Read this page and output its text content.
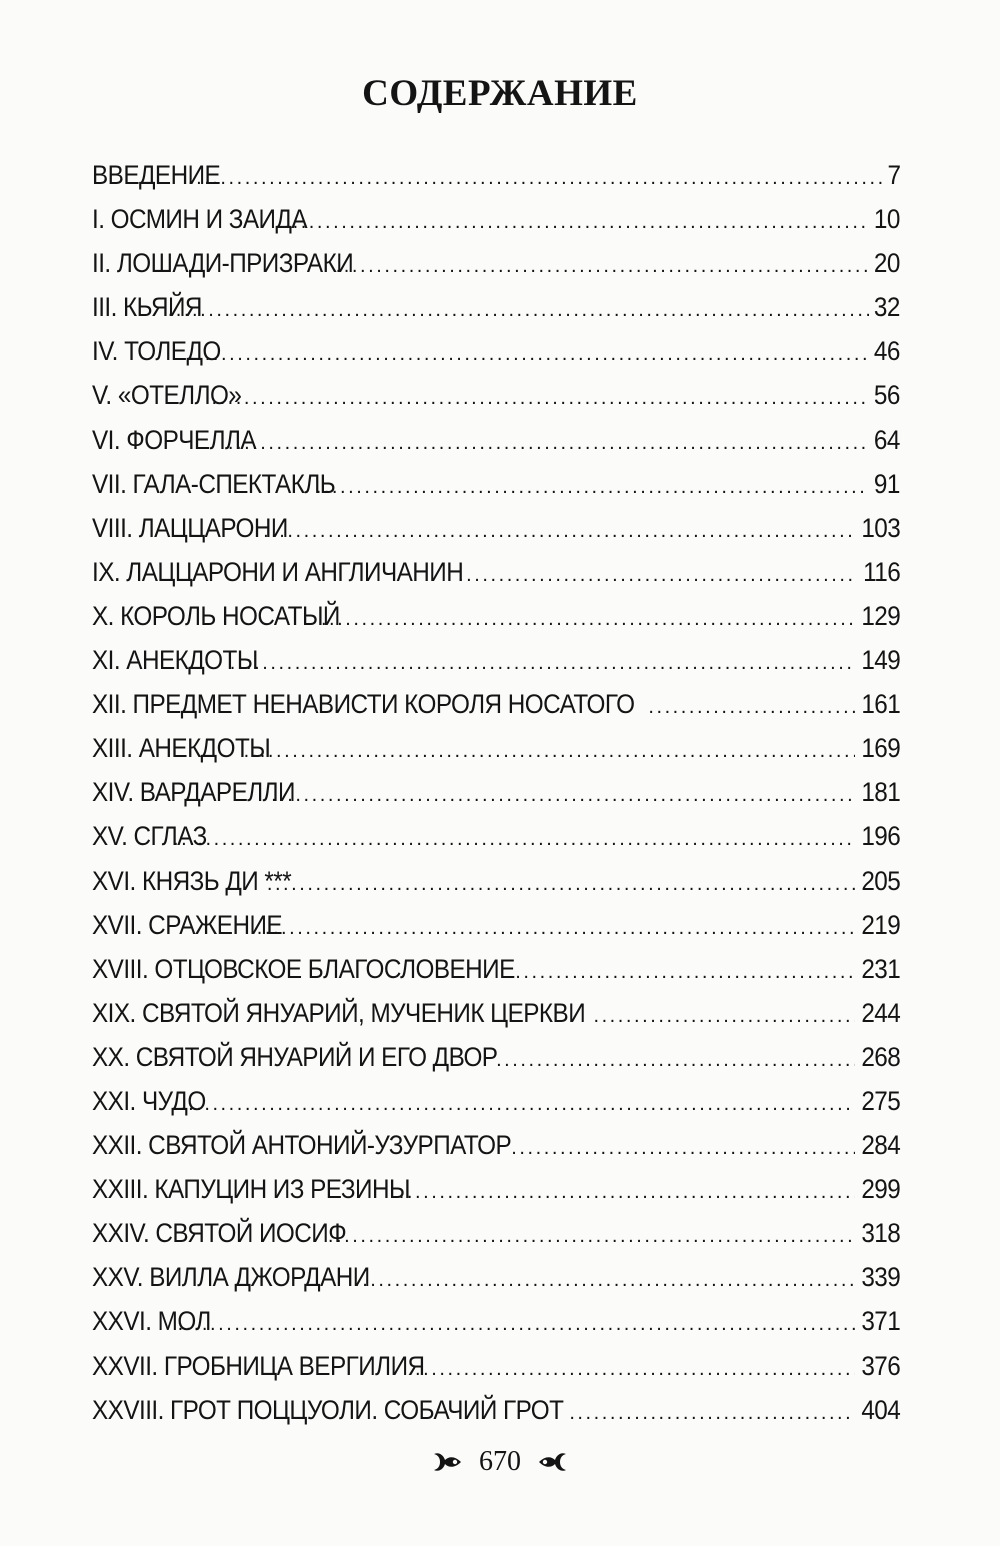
СОДЕРЖАНИЕ
ВВЕДЕНИЕ . . .	7
I. ОСМИН И ЗАИДА . . .	10
II. ЛОШАДИ-ПРИЗРАКИ . . .	20
III. КЬЯЙЯ . . .	32
IV. ТОЛЕДО . . .	46
V. «ОТЕЛЛО» . . .	56
VI. ФОРЧЕЛЛА . . .	64
VII. ГАЛА-СПЕКТАКЛЬ . . .	91
VIII. ЛАЦЦАРОНИ . . .	103
IX. ЛАЦЦАРОНИ И АНГЛИЧАНИН . . .	116
X. КОРОЛЬ НОСАТЫЙ . . .	129
XI. АНЕКДОТЫ . . .	149
XII. ПРЕДМЕТ НЕНАВИСТИ КОРОЛЯ НОСАТОГО . . .	161
XIII. АНЕКДОТЫ . . .	169
XIV. ВАРДАРЕЛЛИ . . .	181
XV. СГЛАЗ . . .	196
XVI. КНЯЗЬ ДИ *** . . .	205
XVII. СРАЖЕНИЕ . . .	219
XVIII. ОТЦОВСКОЕ БЛАГОСЛОВЕНИЕ . . .	231
XIX. СВЯТОЙ ЯНУАРИЙ, МУЧЕНИК ЦЕРКВИ . . .	244
XX. СВЯТОЙ ЯНУАРИЙ И ЕГО ДВОР . . .	268
XXI. ЧУДО . . .	275
XXII. СВЯТОЙ АНТОНИЙ-УЗУРПАТОР . . .	284
XXIII. КАПУЦИН ИЗ РЕЗИНЫ . . .	299
XXIV. СВЯТОЙ ИОСИФ . . .	318
XXV. ВИЛЛА ДЖОРДАНИ . . .	339
XXVI. МОЛ . . .	371
XXVII. ГРОБНИЦА ВЕРГИЛИЯ . . .	376
XXVIII. ГРОТ ПОЦЦУОЛИ. СОБАЧИЙ ГРОТ . . .	404
670
